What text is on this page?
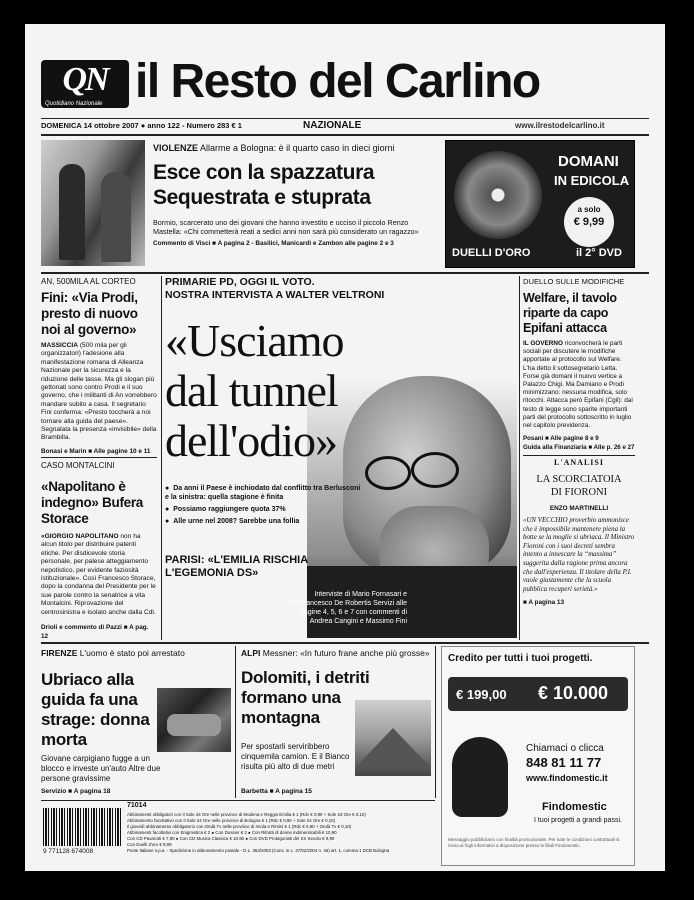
QN
Quotidiano Nazionale il Resto del Carlino
DOMENICA 14 ottobre 2007 ● anno 122 - Numero 283 € 1	NAZIONALE	www.ilrestodelcarlino.it
VIOLENZE Allarme a Bologna: è il quarto caso in dieci giorni
Esce con la spazzatura
Sequestrata e stuprata
Bormio, scarcerato uno dei giovani che hanno investito e ucciso il piccolo Renzo Mastella: «Chi commetterà reati a sedici anni non sarà più considerato un ragazzo»
Commento di Visci ■ A pagina 2 - Basilici, Manicardi e Zambon alle pagine 2 e 3
DOMANI
IN EDICOLA
a solo
€ 9,99
DUELLI D'ORO	il 2° DVD
AN, 500MILA AL CORTEO
Fini: «Via Prodi, presto di nuovo noi al governo»
MASSICCIA (500 mila per gli organizzatori) l'adesione alla manifestazione romana di Alleanza Nazionale per la sicurezza e la riduzione delle tasse. Ma gli slogan più gettonati sono contro Prodi e il suo governo, che i militanti di An vorrebbero mandare subito a casa. Il segretario Fini conferma: «Presto toccherà a noi tornare alla guida del paese». Segnalata la presenza «invisibile» della Brambilla.
Bonasi e Marin ■ Alle pagine 10 e 11
CASO MONTALCINI
«Napolitano è indegno» Bufera Storace
«GIORGIO NAPOLITANO non ha alcun titolo per distribuire patenti etiche. Per disdicevole storia personale, per palese atteggiamento nepotistico, per evidente faziosità istituzionale». Così Francesco Storace, dopo la condanna del Presidente per le sue parole contro la senatrice a vita Montalcini. Riprovazione del centrosinistra e isolato anche dalla Cdl.
Drioli e commento di Pazzi ■ A pag. 12
PRIMARIE PD, OGGI IL VOTO.
NOSTRA INTERVISTA A WALTER VELTRONI
«Usciamo
dal tunnel
dell'odio»
● Da anni il Paese è inchiodato dal conflitto tra Berlusconi e la sinistra: quella stagione è finita
● Possiamo raggiungere quota 37%
● Alle urne nel 2008? Sarebbe una follia
PARISI: «L'EMILIA RISCHIA
L'EGEMONIA DS»
Interviste di Mario Fornasari e Pierfrancesco De Robertis Servizi alle pagine 4, 5, 6 e 7 con commenti di Andrea Cangini e Massimo Fini
DUELLO SULLE MODIFICHE
Welfare, il tavolo riparte da capo Epifani attacca
IL GOVERNO riconvocherà le parti sociali per discutere le modifiche apportate al protocollo sul Welfare. L'ha detto il sottosegretario Letta. Forse già domani il nuovo vertice a Palazzo Chigi. Ma Damiano e Prodi minimizzano: nessuna modifica, solo ritocchi. Attacca però Epifani (Cgil): dal testo di legge sono sparite importanti parti del protocollo sottoscritto in luglio nel capitolo previdenza.
Posani ■ Alle pagine 8 e 9
Guida alla Finanziaria ■ Alle p. 26 e 27
L'ANALISI
LA SCORCIATOIA
DI FIORONI
ENZO MARTINELLI
«UN VECCHIO proverbio ammonisce che è impossibile mantenere piena la botte se la moglie si ubriaca. Il Ministro Fioroni con i suoi decreti sembra intento a innescare la “massima” suggerita dalla ragione prima ancora che dall'esperienza. Il titolare della P.I. vuole giustamente che la scuola pubblica recuperi serietà.»
■ A pagina 13
FIRENZE L'uomo è stato poi arrestato
Ubriaco alla guida fa una strage: donna morta
Giovane carpigiano fugge a un blocco e investe un'auto Altre due persone gravissime
Servizio ■ A pagina 18
ALPI Messner: «In futuro frane anche più grosse»
Dolomiti, i detriti formano una montagna
Per spostarli serviribbero cinquemila camion. E il Bianco risulta più alto di due metri
Barbetta ■ A pagina 15
Credito per tutti i tuoi progetti.
€ 199,00 € 10.000
Chiamaci o clicca
848 81 11 77
www.findomestic.it
Findomestic
I tuoi progetti a grandi passi.
Messaggio pubblicitario con finalità promozionale. Per tutte le condizioni contrattuali si rinvia ai fogli informativi a disposizione presso le filiali Findomestic.
9 771128 674008
71014
Abbinamenti obbligatori con Il Sole 24 Ore nelle province di Modena e Reggio Emilia € 1 (Rdc € 0,90 + Sole 24 Ore € 0,10)
Abbinamento facoltativo con Il Sole 24 Ore nelle province di Bologna € 1 (Rdc € 0,90 + Sole 24 Ore € 0,10)
Il giovedì abbinamento obbligatorio con Ondà Tv nelle province di Imola e Rimini € 1 (Rdc € 0,90 + Ondà Tv € 0,10)
Abbinamenti facoltativi con Enigmistica € 2 ● Con Dossier € 2 ● Con Ritratti di donne indimenticabili € 10,90
Con CD Pavarotti € 7,90 ● Con CD Musica Classica € 10,90 ● Con DVD Protagonisti del XX Secolo € 9,90
Con Duelli d'oro € 9,99
Poste Italiane s.p.a. - Spedizione in abbonamento postale - D.L. 353/2003 (Conv. in L. 27/02/2004 n. 46) art. 1, comma 1 DCB Bologna
